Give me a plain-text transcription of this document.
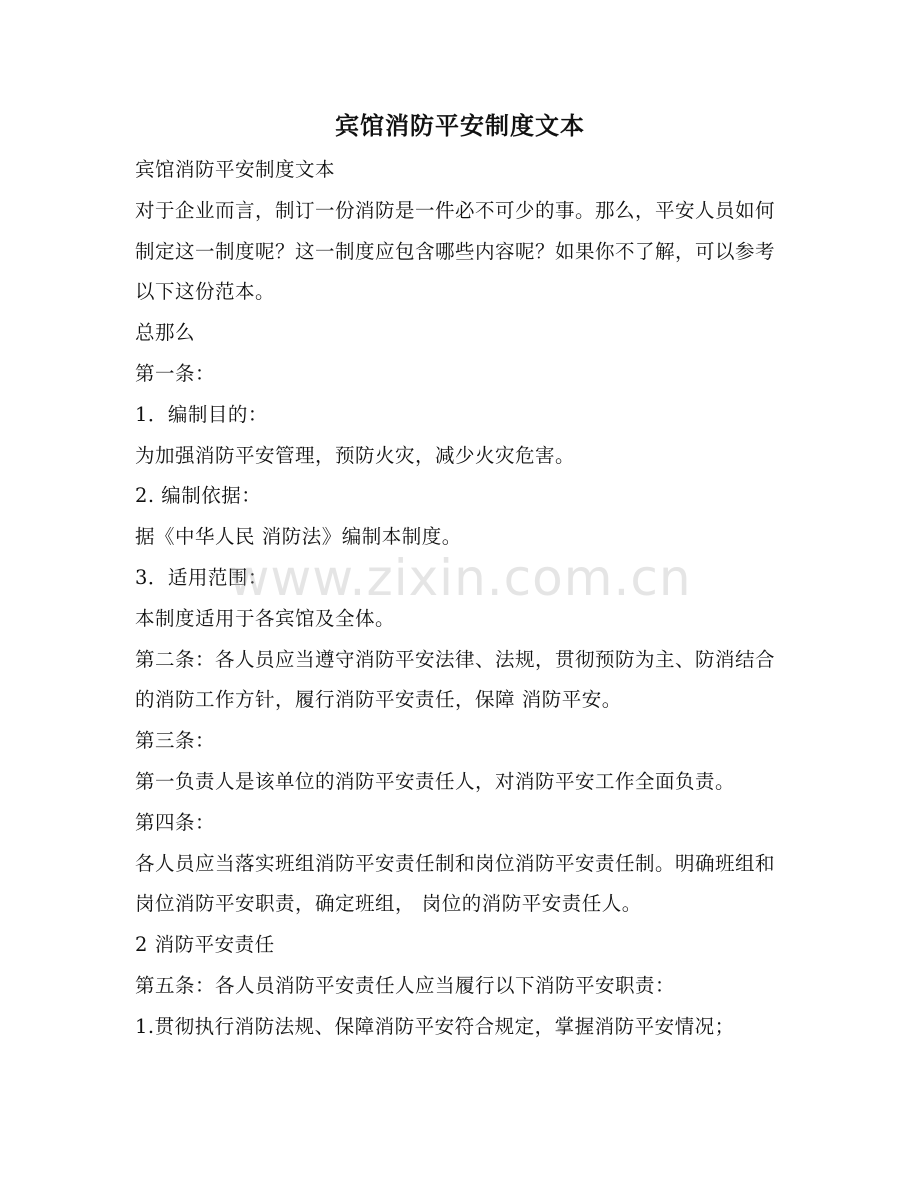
宾馆消防平安制度文本

宾馆消防平安制度文本

对于企业而言，制订一份消防是一件必不可少的事。那么，平安人员如何制定这一制度呢？这一制度应包含哪些内容呢？如果你不了解，可以参考以下这份范本。

总那么

第一条：

1．编制目的：

为加强消防平安管理，预防火灾，减少火灾危害。

2. 编制依据：

据《中华人民 消防法》编制本制度。

3．适用范围：

本制度适用于各宾馆及全体。

第二条：各人员应当遵守消防平安法律、法规，贯彻预防为主、防消结合的消防工作方针，履行消防平安责任，保障 消防平安。

第三条：

第一负责人是该单位的消防平安责任人，对消防平安工作全面负责。

第四条：

各人员应当落实班组消防平安责任制和岗位消防平安责任制。明确班组和岗位消防平安职责，确定班组， 岗位的消防平安责任人。

2 消防平安责任

第五条：各人员消防平安责任人应当履行以下消防平安职责：

1.贯彻执行消防法规、保障消防平安符合规定，掌握消防平安情况；

www.zixin.com.cn
